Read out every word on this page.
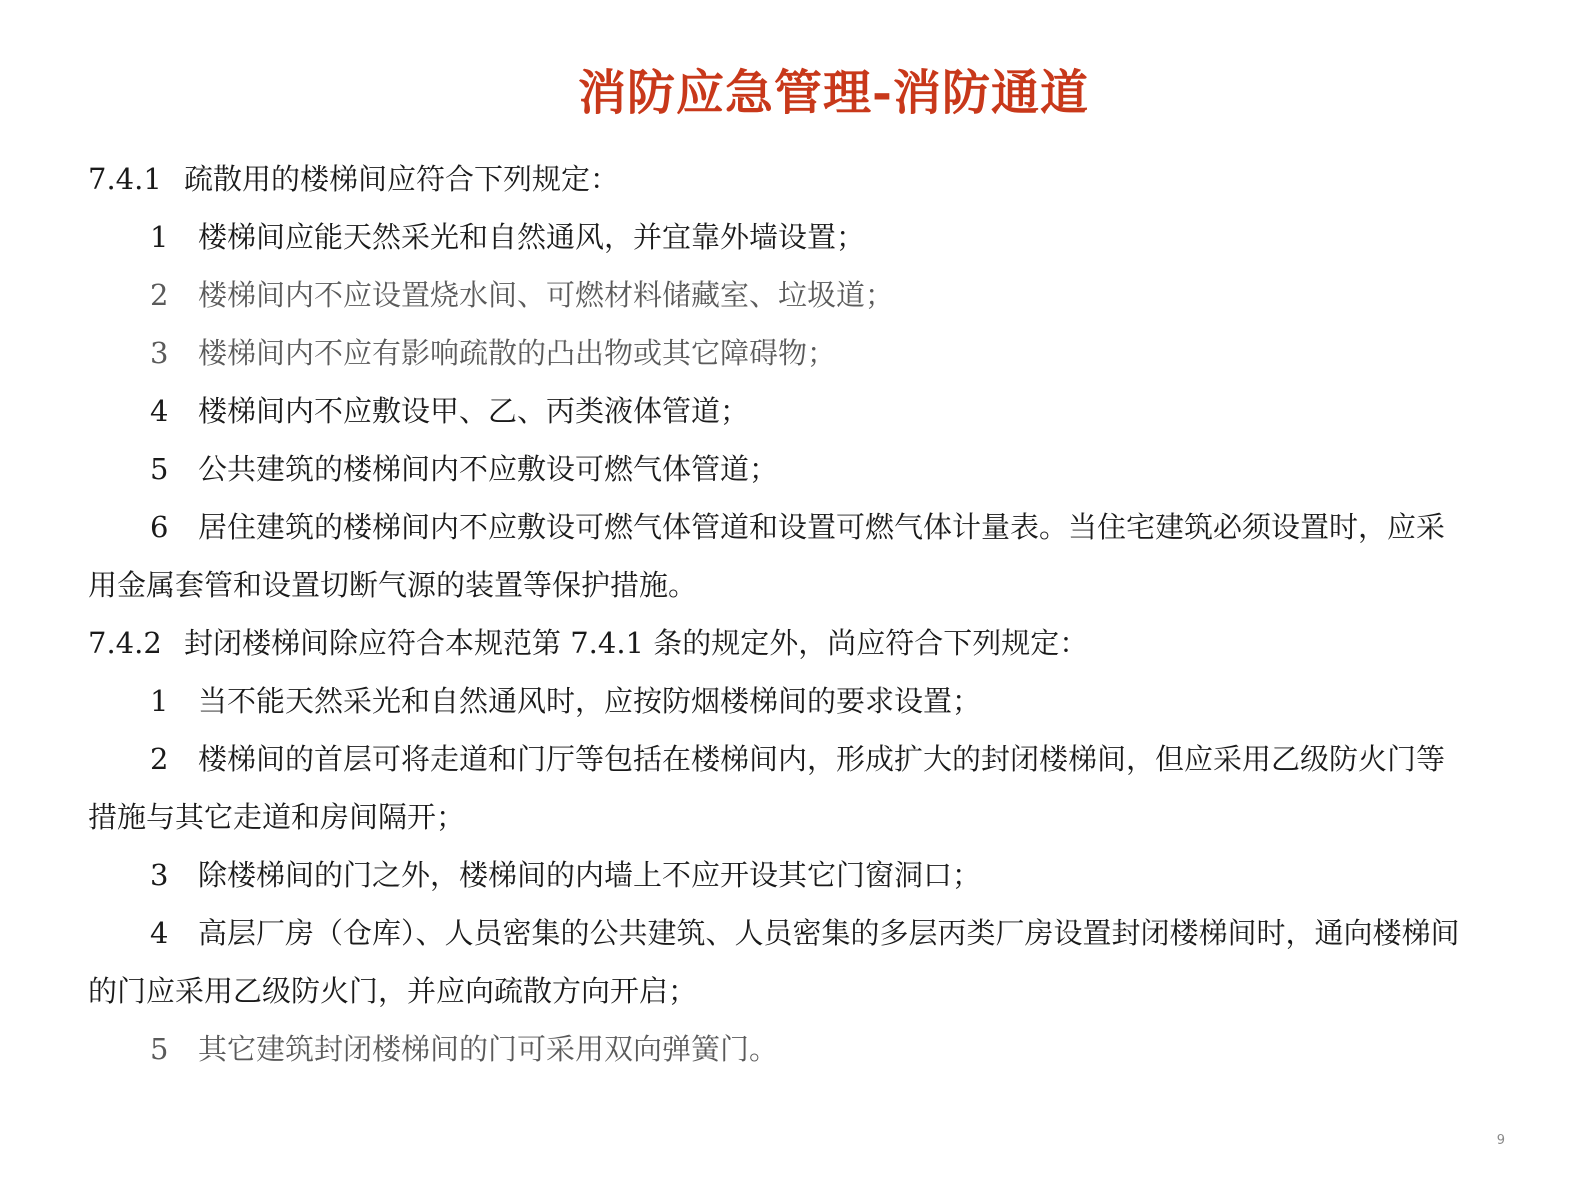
消防应急管理-消防通道
7.4.1 疏散用的楼梯间应符合下列规定：
1 楼梯间应能天然采光和自然通风，并宜靠外墙设置；
2 楼梯间内不应设置烧水间、可燃材料储藏室、垃圾道；
3 楼梯间内不应有影响疏散的凸出物或其它障碍物；
4 楼梯间内不应敷设甲、乙、丙类液体管道；
5 公共建筑的楼梯间内不应敷设可燃气体管道；
6 居住建筑的楼梯间内不应敷设可燃气体管道和设置可燃气体计量表。当住宅建筑必须设置时，应采用金属套管和设置切断气源的装置等保护措施。
7.4.2 封闭楼梯间除应符合本规范第 7.4.1 条的规定外，尚应符合下列规定：
1 当不能天然采光和自然通风时，应按防烟楼梯间的要求设置；
2 楼梯间的首层可将走道和门厅等包括在楼梯间内，形成扩大的封闭楼梯间，但应采用乙级防火门等措施与其它走道和房间隔开；
3 除楼梯间的门之外，楼梯间的内墙上不应开设其它门窗洞口；
4 高层厂房（仓库）、人员密集的公共建筑、人员密集的多层丙类厂房设置封闭楼梯间时，通向楼梯间的门应采用乙级防火门，并应向疏散方向开启；
5 其它建筑封闭楼梯间的门可采用双向弹簧门。
9
